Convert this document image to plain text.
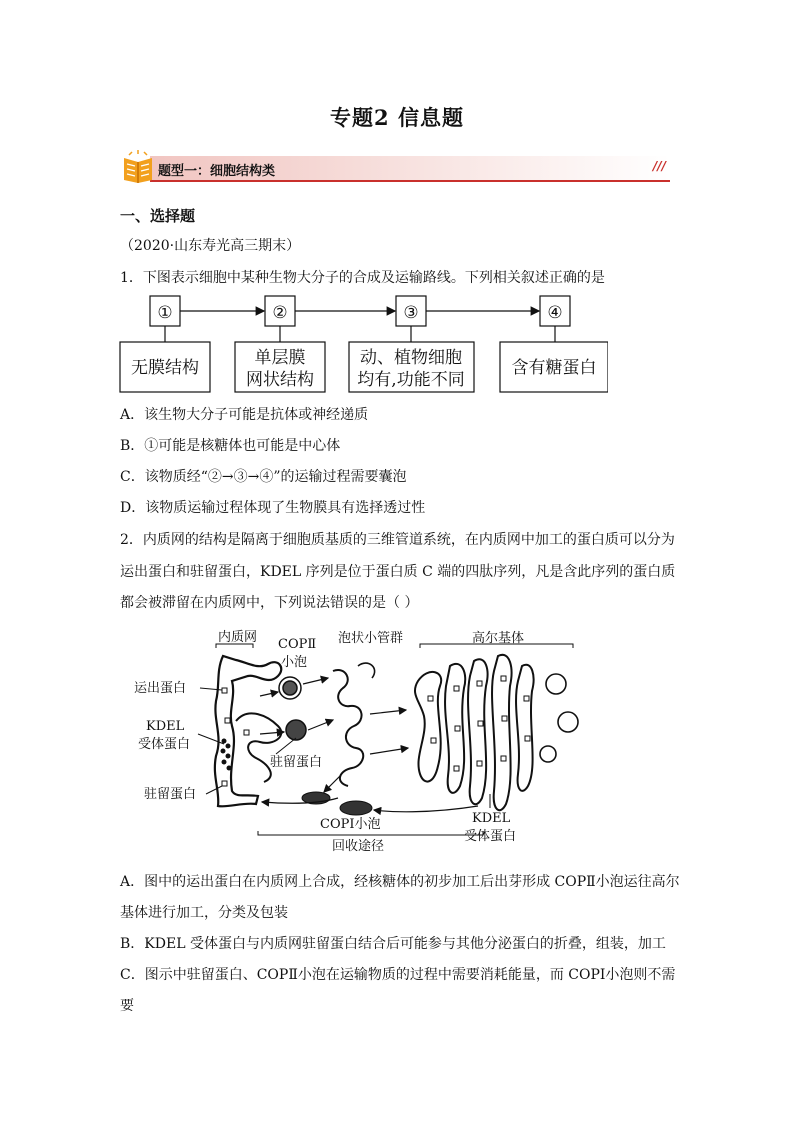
专题2 信息题
题型一：细胞结构类	///
一、选择题
（2020·山东寿光高三期末）
1．下图表示细胞中某种生物大分子的合成及运输路线。下列相关叙述正确的是
①	②	③	④
无膜结构	单层膜
网状结构
动、植物细胞
均有,功能不同
含有糖蛋白
A．该生物大分子可能是抗体或神经递质
B．①可能是核糖体也可能是中心体
C．该物质经“②→③→④”的运输过程需要囊泡
D．该物质运输过程体现了生物膜具有选择透过性
2．内质网的结构是隔离于细胞质基质的三维管道系统，在内质网中加工的蛋白质可以分为
运出蛋白和驻留蛋白，KDEL 序列是位于蛋白质 C 端的四肽序列，凡是含此序列的蛋白质
都会被滞留在内质网中，下列说法错误的是（ ）
内质网 COPⅡ
小泡
泡状小管群	高尔基体
运出蛋白
KDEL
受体蛋白
驻留蛋白
驻留蛋白
COPⅠ小泡
回收途径
KDEL
受体蛋白
A．图中的运出蛋白在内质网上合成，经核糖体的初步加工后出芽形成 COPⅡ小泡运往高尔
基体进行加工，分类及包装
B．KDEL 受体蛋白与内质网驻留蛋白结合后可能参与其他分泌蛋白的折叠，组装，加工
C．图示中驻留蛋白、COPⅡ小泡在运输物质的过程中需要消耗能量，而 COPⅠ小泡则不需
要
